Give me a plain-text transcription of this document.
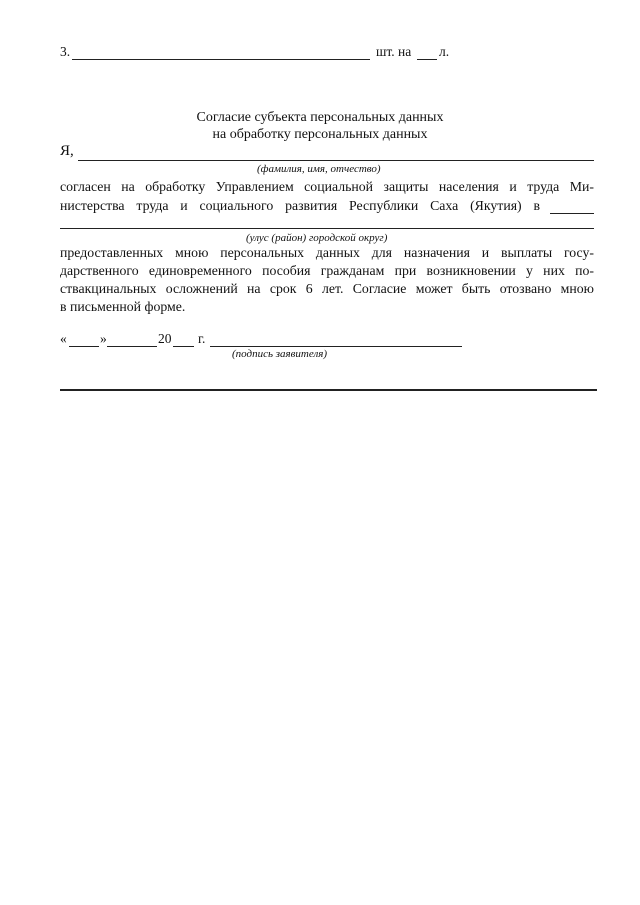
3.	шт. на л.
Согласие субъекта персональных данных
на обработку персональных данных
Я,
(фамилия, имя, отчество)
согласен на обработку Управлением социальной защиты населения и труда Ми-
нистерства труда и социального развития Республики Саха (Якутия) в
(улус (район) городской округ)
предоставленных мною персональных данных для назначения и выплаты госу-
дарственного единовременного пособия гражданам при возникновении у них по-
ствакцинальных осложнений на срок 6 лет. Согласие может быть отозвано мною
в письменной форме.
« »	20 г.
(подпись заявителя)
